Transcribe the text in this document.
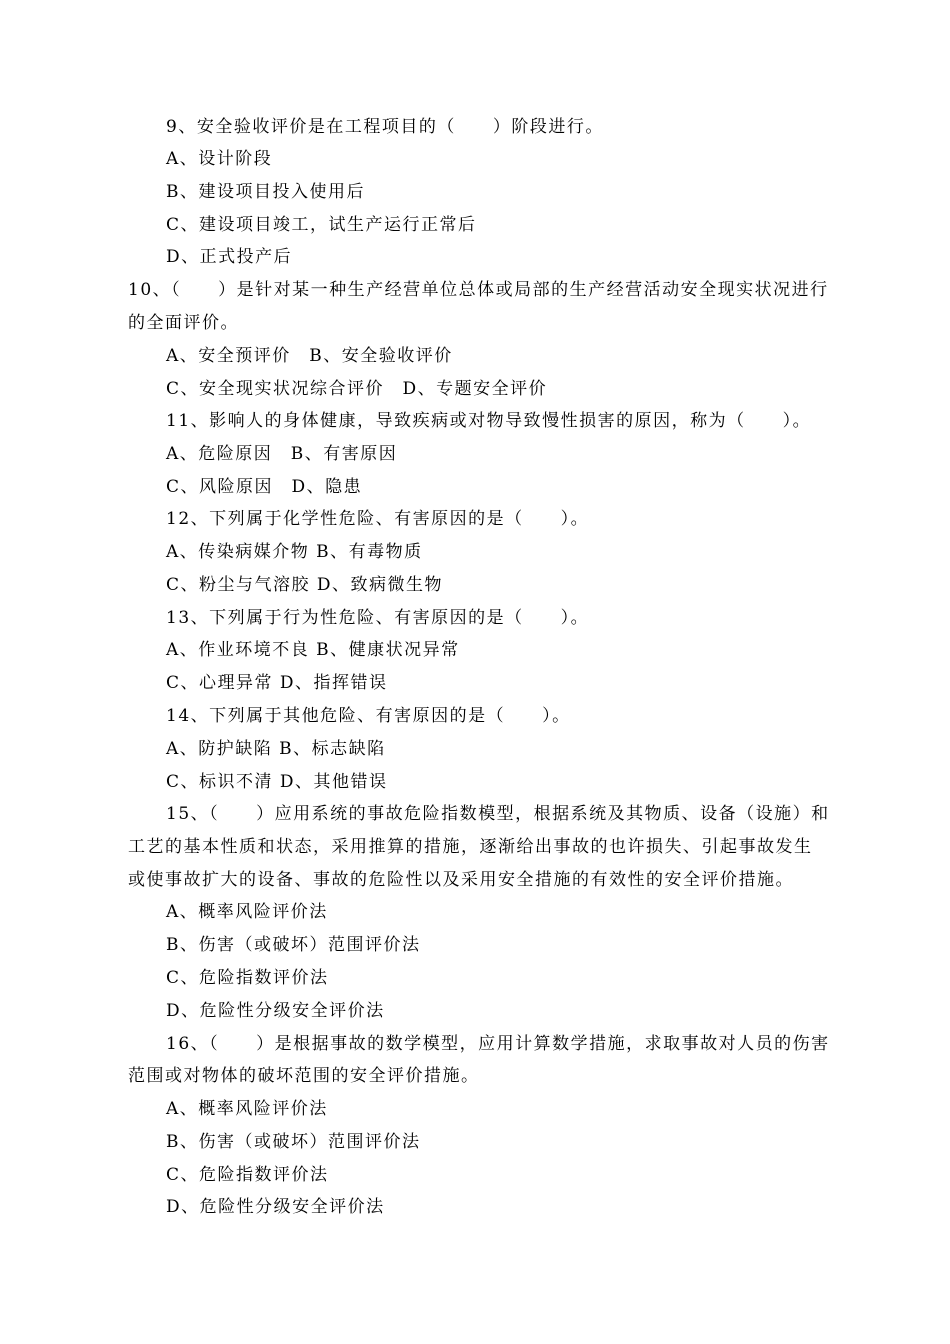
9、安全验收评价是在工程项目的（　　）阶段进行。
A、设计阶段
B、建设项目投入使用后
C、建设项目竣工，试生产运行正常后
D、正式投产后
10、（　　）是针对某一种生产经营单位总体或局部的生产经营活动安全现实状况进行
的全面评价。
A、安全预评价　B、安全验收评价
C、安全现实状况综合评价　D、专题安全评价
11、影响人的身体健康，导致疾病或对物导致慢性损害的原因，称为（　　）。
A、危险原因　B、有害原因
C、风险原因　D、隐患
12、下列属于化学性危险、有害原因的是（　　）。
A、传染病媒介物 B、有毒物质
C、粉尘与气溶胶 D、致病微生物
13、下列属于行为性危险、有害原因的是（　　）。
A、作业环境不良 B、健康状况异常
C、心理异常 D、指挥错误
14、下列属于其他危险、有害原因的是（　　）。
A、防护缺陷 B、标志缺陷
C、标识不清 D、其他错误
15、（　　）应用系统的事故危险指数模型，根据系统及其物质、设备（设施）和
工艺的基本性质和状态，采用推算的措施，逐渐给出事故的也许损失、引起事故发生
或使事故扩大的设备、事故的危险性以及采用安全措施的有效性的安全评价措施。
A、概率风险评价法
B、伤害（或破坏）范围评价法
C、危险指数评价法
D、危险性分级安全评价法
16、（　　）是根据事故的数学模型，应用计算数学措施，求取事故对人员的伤害
范围或对物体的破坏范围的安全评价措施。
A、概率风险评价法
B、伤害（或破坏）范围评价法
C、危险指数评价法
D、危险性分级安全评价法
